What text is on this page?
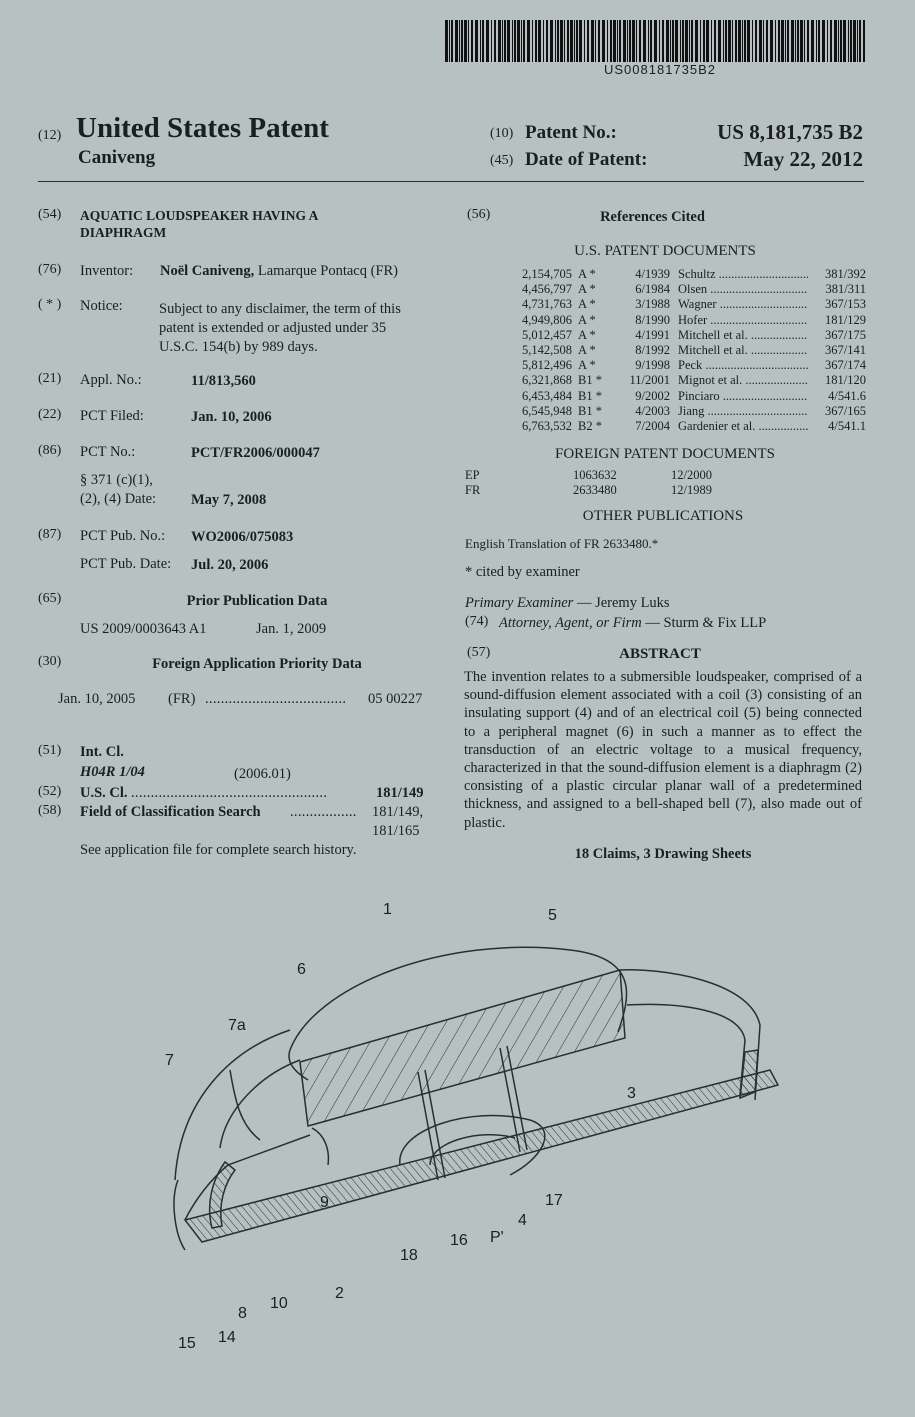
US008181735B2
(12) United States Patent
Caniveng
(10) Patent No.:	US 8,181,735 B2
(45) Date of Patent:	May 22, 2012
(54) AQUATIC LOUDSPEAKER HAVING A
DIAPHRAGM
(76) Inventor: Noël Caniveng, Lamarque Pontacq (FR)
( * ) Notice:	Subject to any disclaimer, the term of this
patent is extended or adjusted under 35
U.S.C. 154(b) by 989 days.
(21) Appl. No.:	11/813,560
(22) PCT Filed:	Jan. 10, 2006
(86) PCT No.:	PCT/FR2006/000047
§ 371 (c)(1),
(2), (4) Date: May 7, 2008
(87) PCT Pub. No.: WO2006/075083
PCT Pub. Date: Jul. 20, 2006
(65)	Prior Publication Data
US 2009/0003643 A1	Jan. 1, 2009
(30)	Foreign Application Priority Data
Jan. 10, 2005 (FR) .................................... 05 00227
(51) Int. Cl.
H04R 1/04	(2006.01)
(52) U.S. Cl. ..................................................	181/149
(58) Field of Classification Search ................. 181/149,
181/165
See application file for complete search history.
(56)	References Cited
U.S. PATENT DOCUMENTS
2,154,705 A *	4/1939 Schultz .....	381/392
4,456,797 A *	6/1984 Olsen .....	381/311
4,731,763 A *	3/1988 Wagner .....	367/153
4,949,806 A *	8/1990 Hofer .....	181/129
5,012,457 A *	4/1991 Mitchell et al. .....	367/175
5,142,508 A *	8/1992 Mitchell et al. .....	367/141
5,812,496 A *	9/1998 Peck .....	367/174
6,321,868 B1 *	11/2001 Mignot et al. .....	181/120
6,453,484 B1 *	9/2002 Pinciaro .....	4/541.6
6,545,948 B1 *	4/2003 Jiang .....	367/165
6,763,532 B2 *	7/2004 Gardenier et al. .....	4/541.1
FOREIGN PATENT DOCUMENTS
EP	1063632	12/2000
FR	2633480	12/1989
OTHER PUBLICATIONS
English Translation of FR 2633480.*
* cited by examiner
Primary Examiner — Jeremy Luks
(74) Attorney, Agent, or Firm — Sturm & Fix LLP
(57)	ABSTRACT
The invention relates to a submersible loudspeaker, comprised of a sound-diffusion element associated with a coil (3) consisting of an insulating support (4) and of an electrical coil (5) being connected to a peripheral magnet (6) in such a manner as to effect the transduction of an electric voltage to a musical frequency, characterized in that the sound-diffusion element is a diaphragm (2) consisting of a plastic circular planar wall of a predetermined thickness, and assigned to a bell-shaped bell (7), also made out of plastic.
18 Claims, 3 Drawing Sheets
1	5
6
7a
7
3
9	17
4
P'
16
18
10
2
8
14
15
